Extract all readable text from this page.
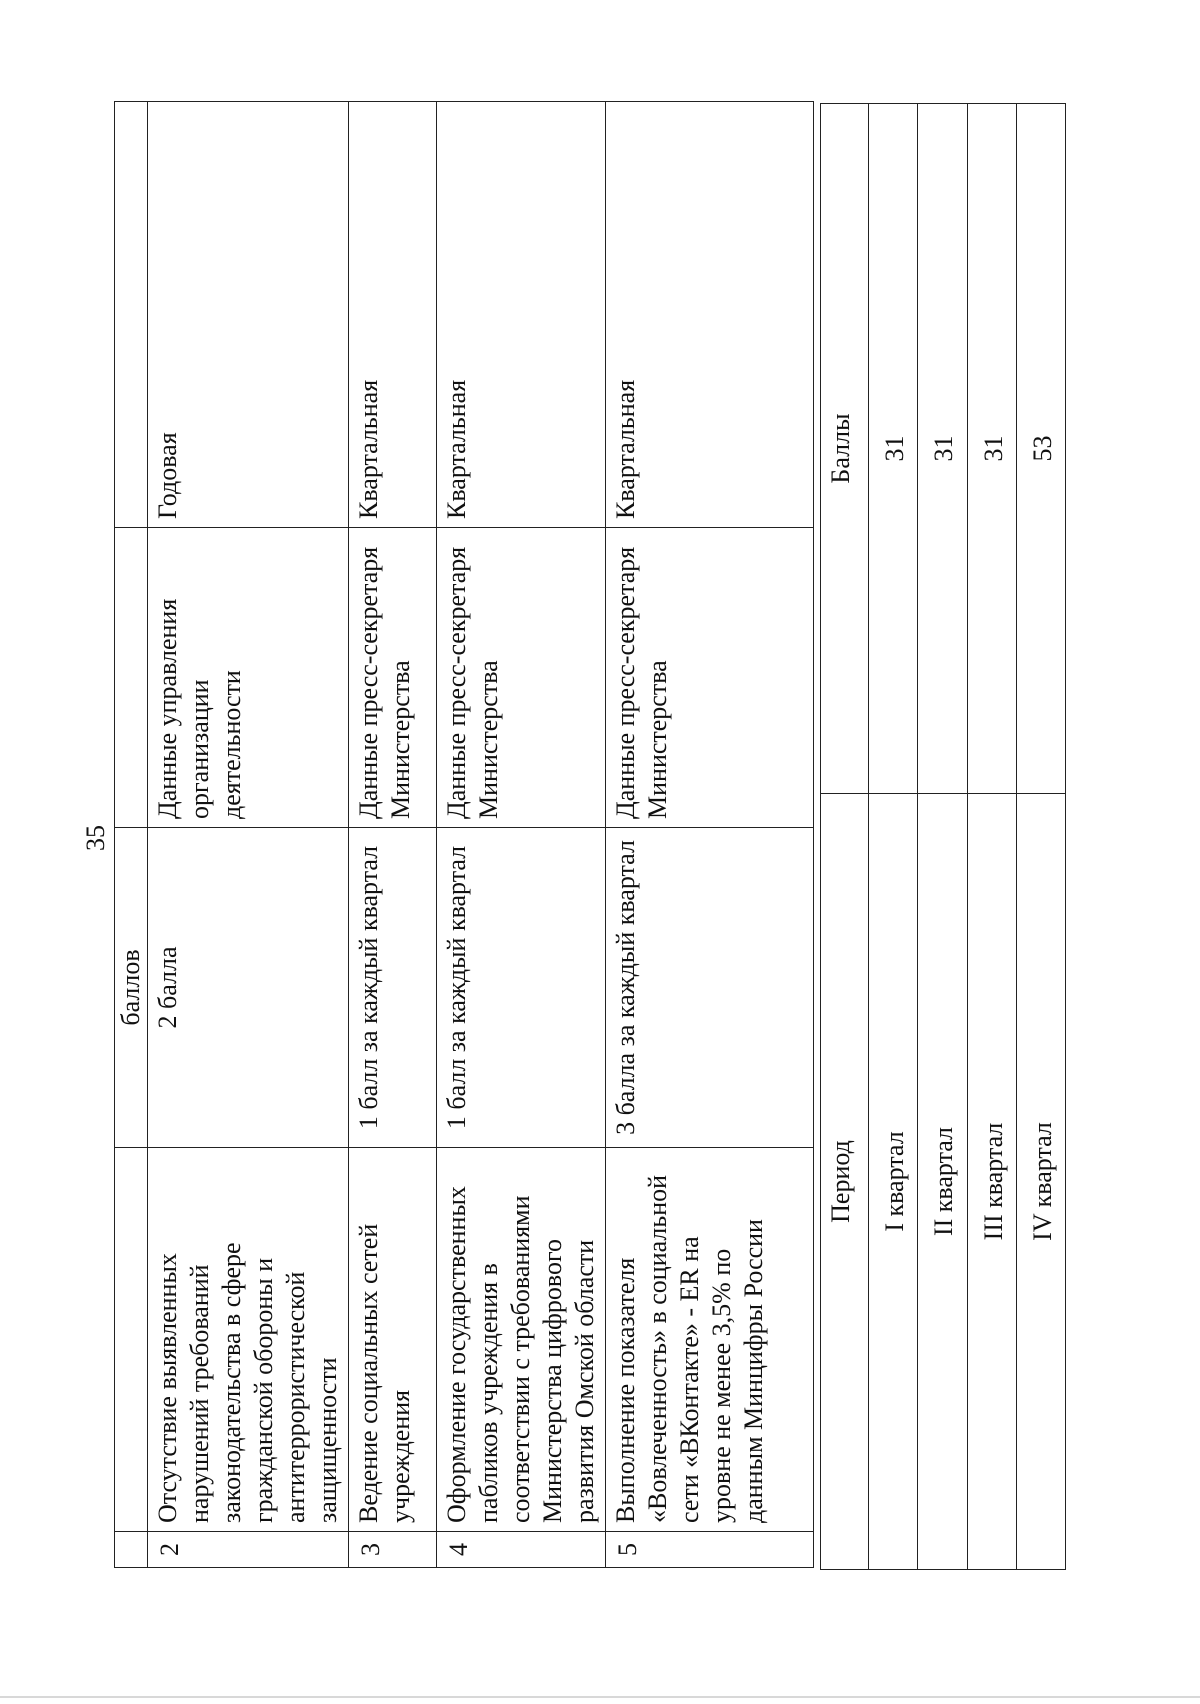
35
		баллов		
2	Отсутствие выявленных нарушений требований законодательства в сфере гражданской обороны и антитеррористической защищенности	2 балла	Данные управления организации деятельности	Годовая
3	Ведение социальных сетей учреждения	1 балл за каждый квартал	Данные пресс-секретаря Министерства	Квартальная
4	Оформление государственных пабликов учреждения в соответствии с требованиями Министерства цифрового развития Омской области	1 балл за каждый квартал	Данные пресс-секретаря Министерства	Квартальная
5	Выполнение показателя «Вовлеченность» в социальной сети «ВКонтакте» - ER на уровне не менее 3,5% по данным Минцифры России	3 балла за каждый квартал	Данные пресс-секретаря Министерства	Квартальная
Период	Баллы
I квартал	31
II квартал	31
III квартал	31
IV квартал	53
